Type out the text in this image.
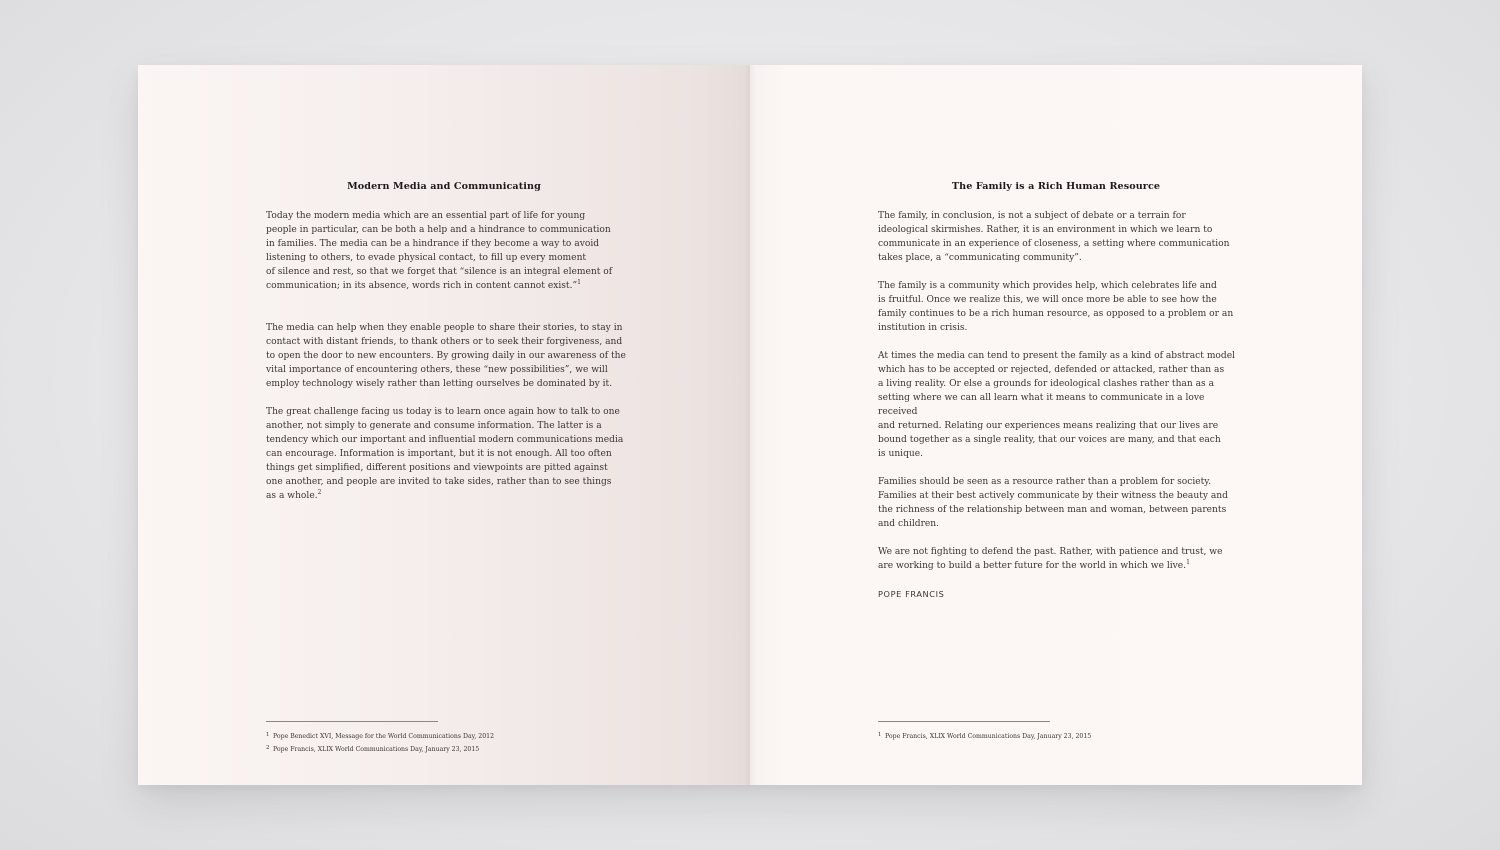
Modern Media and Communicating

Today the modern media which are an essential part of life for young
people in particular, can be both a help and a hindrance to communication
in families. The media can be a hindrance if they become a way to avoid
listening to others, to evade physical contact, to fill up every moment
of silence and rest, so that we forget that “silence is an integral element of
communication; in its absence, words rich in content cannot exist.”$^1$

The media can help when they enable people to share their stories, to stay in
contact with distant friends, to thank others or to seek their forgiveness, and
to open the door to new encounters. By growing daily in our awareness of the
vital importance of encountering others, these “new possibilities”, we will
employ technology wisely rather than letting ourselves be dominated by it.

The great challenge facing us today is to learn once again how to talk to one
another, not simply to generate and consume information. The latter is a
tendency which our important and influential modern communications media
can encourage. Information is important, but it is not enough. All too often
things get simplified, different positions and viewpoints are pitted against
one another, and people are invited to take sides, rather than to see things
as a whole.$^2$

1 Pope Benedict XVI, Message for the World Communications Day, 2012
2 Pope Francis, XLIX World Communications Day, January 23, 2015
The Family is a Rich Human Resource

The family, in conclusion, is not a subject of debate or a terrain for
ideological skirmishes. Rather, it is an environment in which we learn to
communicate in an experience of closeness, a setting where communication
takes place, a “communicating community”.

The family is a community which provides help, which celebrates life and
is fruitful. Once we realize this, we will once more be able to see how the
family continues to be a rich human resource, as opposed to a problem or an
institution in crisis.

At times the media can tend to present the family as a kind of abstract model
which has to be accepted or rejected, defended or attacked, rather than as
a living reality. Or else a grounds for ideological clashes rather than as a
setting where we can all learn what it means to communicate in a love received
and returned. Relating our experiences means realizing that our lives are
bound together as a single reality, that our voices are many, and that each
is unique.

Families should be seen as a resource rather than a problem for society.
Families at their best actively communicate by their witness the beauty and
the richness of the relationship between man and woman, between parents
and children.

We are not fighting to defend the past. Rather, with patience and trust, we
are working to build a better future for the world in which we live.$^1$

POPE FRANCIS

1 Pope Francis, XLIX World Communications Day, January 23, 2015
